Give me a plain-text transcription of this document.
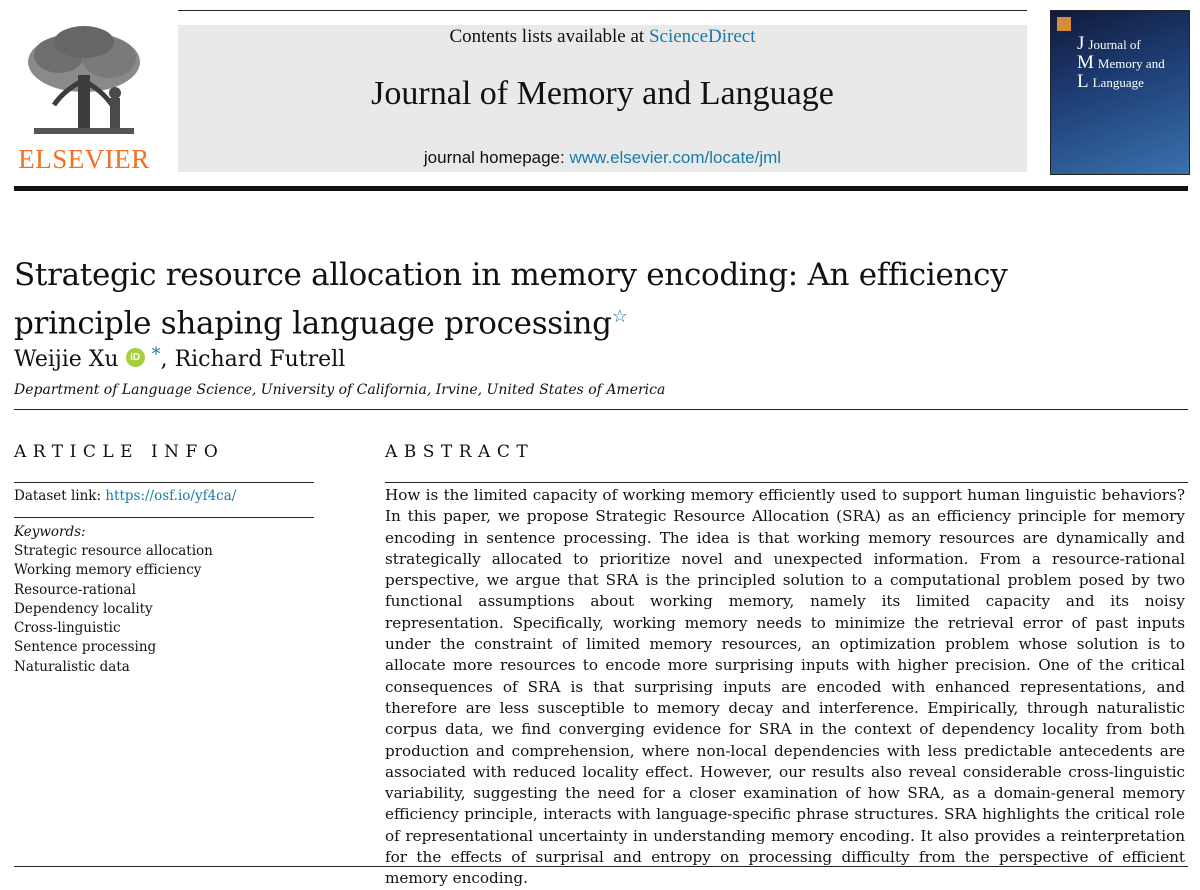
ELSEVIER
Contents lists available at ScienceDirect
Journal of Memory and Language
journal homepage: www.elsevier.com/locate/jml
J Journal of
M Memory and
L Language
Strategic resource allocation in memory encoding: An efficiency principle shaping language processing☆
Weijie Xu iD *, Richard Futrell
Department of Language Science, University of California, Irvine, United States of America
ARTICLE INFO
Dataset link: https://osf.io/yf4ca/
Keywords:
Strategic resource allocation
Working memory efficiency
Resource-rational
Dependency locality
Cross-linguistic
Sentence processing
Naturalistic data
ABSTRACT
How is the limited capacity of working memory efficiently used to support human linguistic behaviors? In this paper, we propose Strategic Resource Allocation (SRA) as an efficiency principle for memory encoding in sentence processing. The idea is that working memory resources are dynamically and strategically allocated to prioritize novel and unexpected information. From a resource-rational perspective, we argue that SRA is the principled solution to a computational problem posed by two functional assumptions about working memory, namely its limited capacity and its noisy representation. Specifically, working memory needs to minimize the retrieval error of past inputs under the constraint of limited memory resources, an optimization problem whose solution is to allocate more resources to encode more surprising inputs with higher precision. One of the critical consequences of SRA is that surprising inputs are encoded with enhanced representations, and therefore are less susceptible to memory decay and interference. Empirically, through naturalistic corpus data, we find converging evidence for SRA in the context of dependency locality from both production and comprehension, where non-local dependencies with less predictable antecedents are associated with reduced locality effect. However, our results also reveal considerable cross-linguistic variability, suggesting the need for a closer examination of how SRA, as a domain-general memory efficiency principle, interacts with language-specific phrase structures. SRA highlights the critical role of representational uncertainty in understanding memory encoding. It also provides a reinterpretation for the effects of surprisal and entropy on processing difficulty from the perspective of efficient memory encoding.
